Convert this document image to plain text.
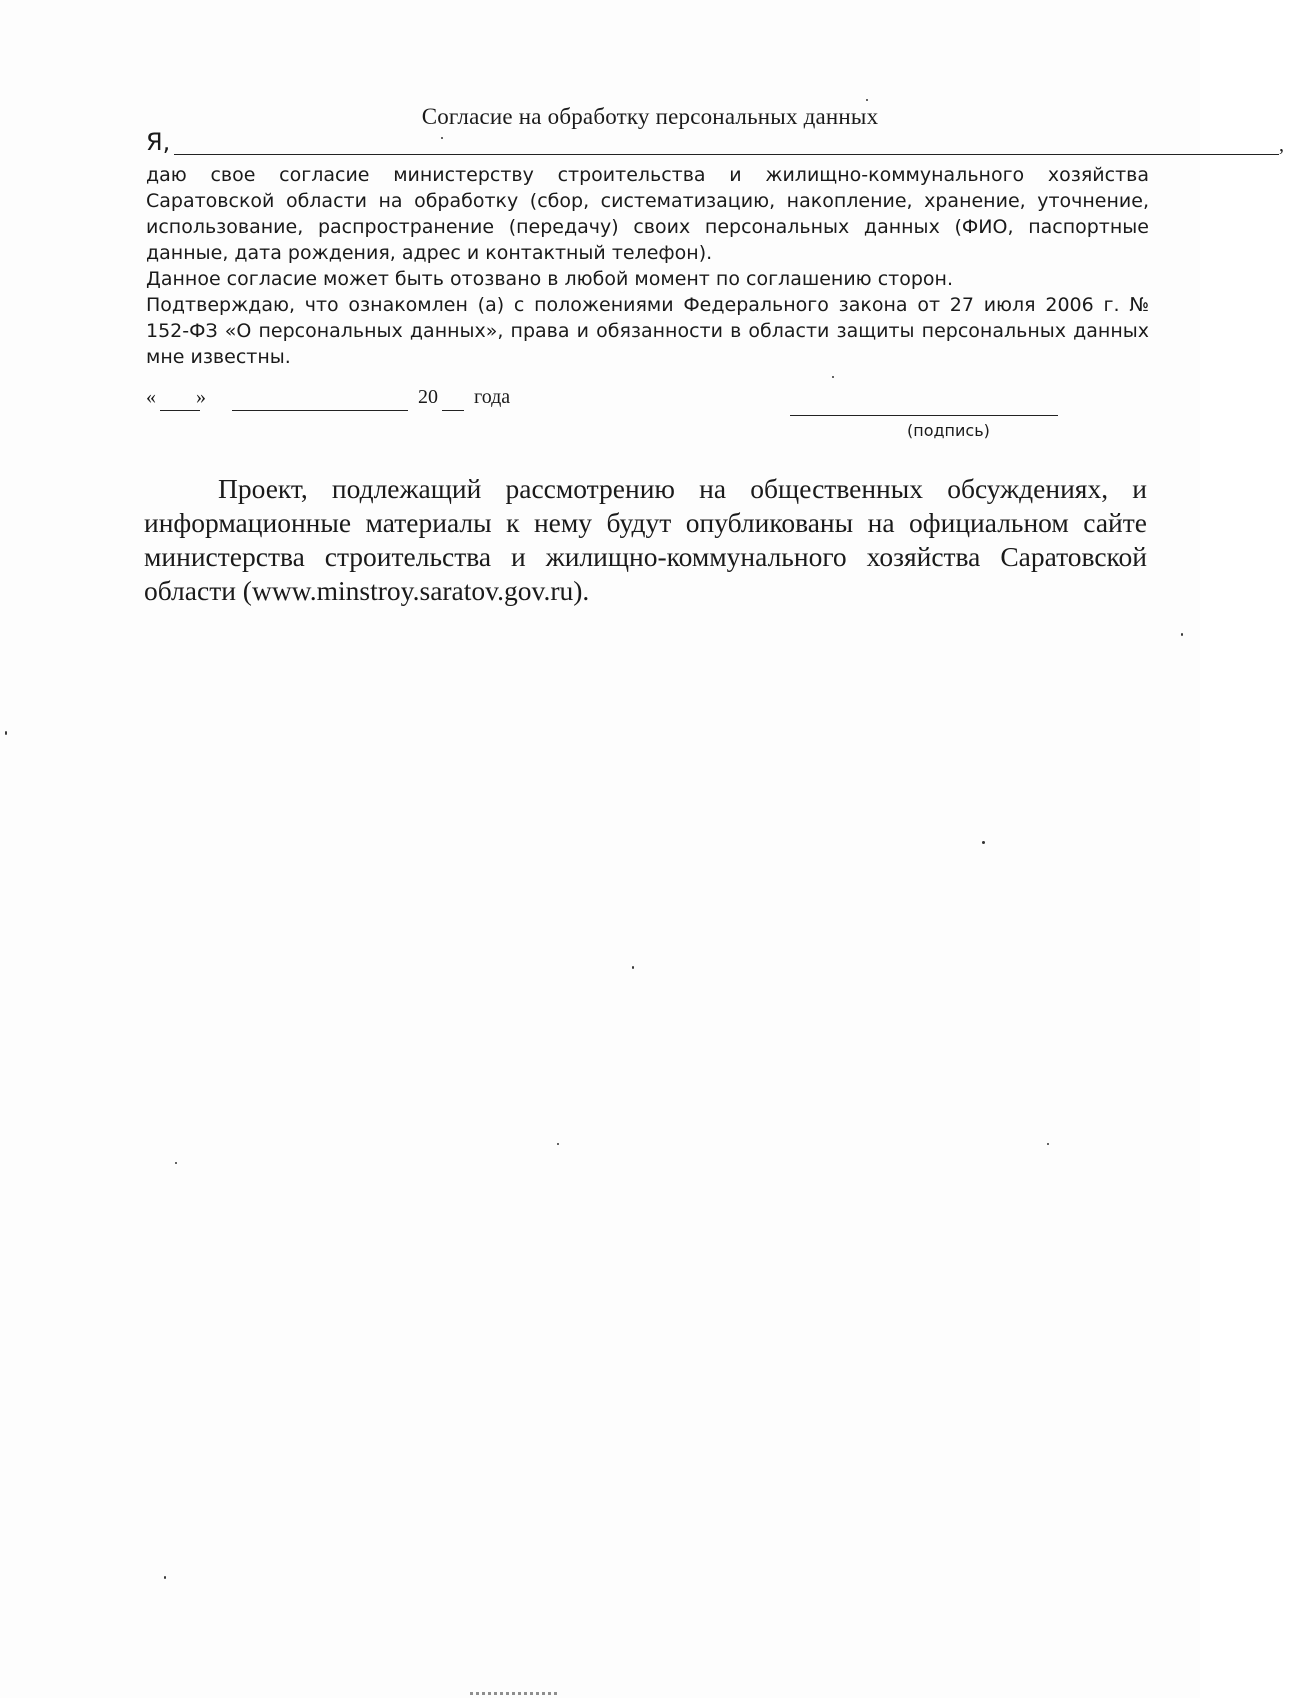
Согласие на обработку персональных данных
Я,	,

даю свое согласие министерству строительства и жилищно-коммунального хозяйства Саратовской области на обработку (сбор, систематизацию, накопление, хранение, уточнение, использование, распространение (передачу) своих персональных данных (ФИО, паспортные данные, дата рождения, адрес и контактный телефон).

Данное согласие может быть отозвано в любой момент по соглашению сторон.

Подтверждаю, что ознакомлен (а) с положениями Федерального закона от 27 июля 2006 г. № 152-ФЗ «О персональных данных», права и обязанности в области защиты персональных данных мне известны.

« »	20 года
(подпись)

Проект, подлежащий рассмотрению на общественных обсуждениях, и информационные материалы к нему будут опубликованы на официальном сайте министерства строительства и жилищно-коммунального хозяйства Саратовской области (www.minstroy.saratov.gov.ru).
